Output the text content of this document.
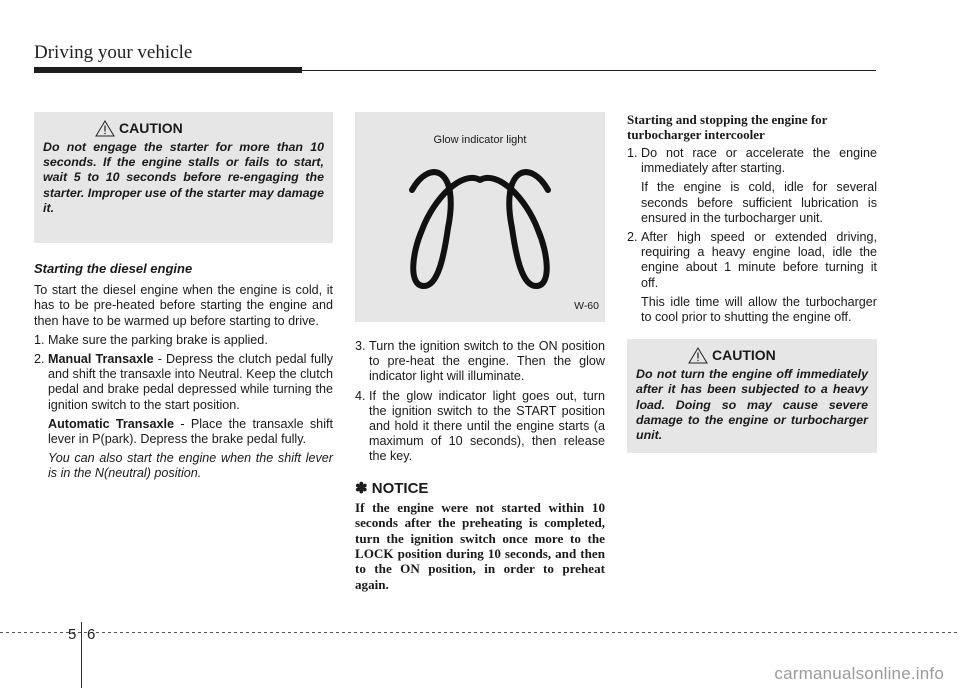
Driving your vehicle
CAUTION
Do not engage the starter for more than 10 seconds. If the engine stalls or fails to start, wait 5 to 10 seconds before re-engaging the starter. Improper use of the starter may damage it.
Starting the diesel engine

To start the diesel engine when the engine is cold, it has to be pre-heated before starting the engine and then have to be warmed up before starting to drive.

1. Make sure the parking brake is applied.
2. Manual Transaxle - Depress the clutch pedal fully and shift the transaxle into Neutral. Keep the clutch pedal and brake pedal depressed while turning the ignition switch to the start position.
Automatic Transaxle - Place the transaxle shift lever in P(park). Depress the brake pedal fully.
You can also start the engine when the shift lever is in the N(neutral) position.
Glow indicator light
W-60
3. Turn the ignition switch to the ON position to pre-heat the engine. Then the glow indicator light will illuminate.
4. If the glow indicator light goes out, turn the ignition switch to the START position and hold it there until the engine starts (a maximum of 10 seconds), then release the key.
✽ NOTICE
If the engine were not started within 10 seconds after the preheating is completed, turn the ignition switch once more to the LOCK position during 10 seconds, and then to the ON position, in order to preheat again.
Starting and stopping the engine for turbocharger intercooler
1. Do not race or accelerate the engine immediately after starting.
If the engine is cold, idle for several seconds before sufficient lubrication is ensured in the turbocharger unit.
2. After high speed or extended driving, requiring a heavy engine load, idle the engine about 1 minute before turning it off.
This idle time will allow the turbocharger to cool prior to shutting the engine off.
CAUTION
Do not turn the engine off immediately after it has been subjected to a heavy load. Doing so may cause severe damage to the engine or turbocharger unit.
5 6
carmanualsonline.info
